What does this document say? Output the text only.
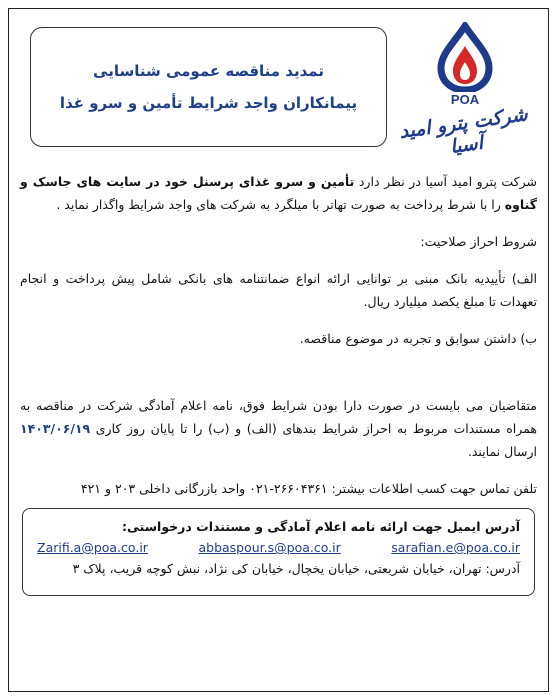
تمدید مناقصه عمومی شناسایی
پیمانکاران واجد شرایط تأمین و سرو غذا	POA
شرکت پترو امید آسیا

شرکت پترو امید آسیا در نظر دارد تأمین و سرو غذای پرسنل خود در سایت های جاسک و گناوه را با شرط پرداخت به صورت تهاتر با میلگرد به شرکت های واجد شرایط واگذار نماید .

شروط احراز صلاحیت:

الف) تأییدیه بانک مبنی بر توانایی ارائه انواع ضمانتنامه های بانکی شامل پیش پرداخت و انجام تعهدات تا مبلغ یکصد میلیارد ریال.

ب) داشتن سوابق و تجربه در موضوع مناقصه.

متقاضیان می بایست در صورت دارا بودن شرایط فوق، نامه اعلام آمادگی شرکت در مناقصه به همراه مستندات مربوط به احراز شرایط بندهای (الف) و (ب) را تا پایان روز کاری ۱۴۰۳/۰۶/۱۹ ارسال نمایند.

تلفن تماس جهت کسب اطلاعات بیشتر: ۲۶۶۰۴۳۶۱-۰۲۱ واحد بازرگانی داخلی ۲۰۳ و ۴۲۱

آدرس ایمیل جهت ارائه نامه اعلام آمادگی و مستندات درخواستی:
Zarifi.a@poa.co.ir	abbaspour.s@poa.co.ir	sarafian.e@poa.co.ir
آدرس: تهران، خیابان شریعتی، خیابان یخچال، خیابان کی نژاد، نبش کوچه قریب، پلاک ۳
